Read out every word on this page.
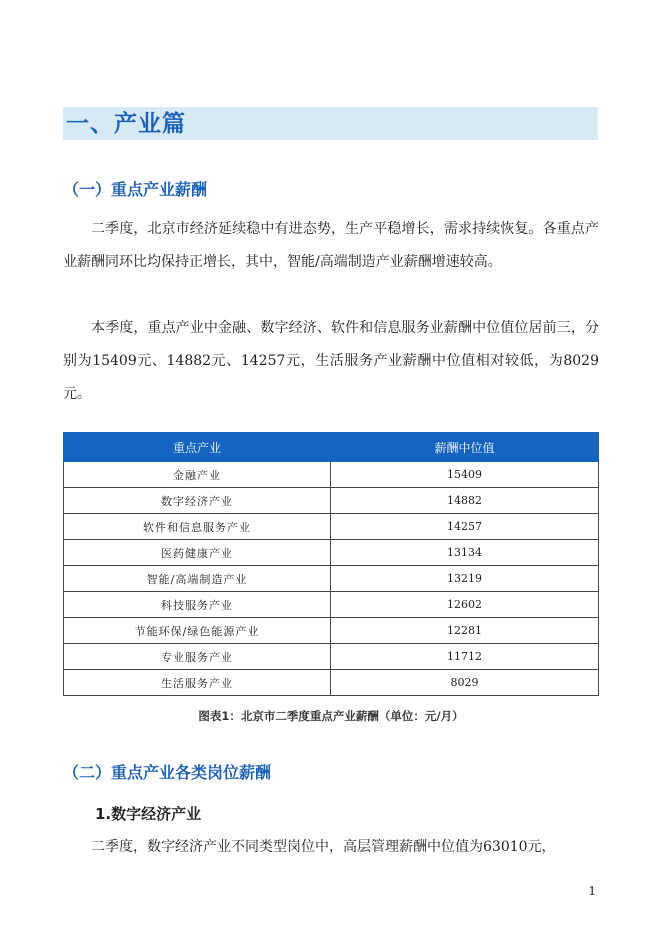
一、产业篇
（一）重点产业薪酬

二季度，北京市经济延续稳中有进态势，生产平稳增长，需求持续恢复。各重点产业薪酬同环比均保持正增长，其中，智能/高端制造产业薪酬增速较高。

本季度，重点产业中金融、数字经济、软件和信息服务业薪酬中位值位居前三，分别为15409元、14882元、14257元，生活服务产业薪酬中位值相对较低，为8029元。

重点产业	薪酬中位值
金融产业	15409
数字经济产业	14882
软件和信息服务产业	14257
医药健康产业	13134
智能/高端制造产业	13219
科技服务产业	12602
节能环保/绿色能源产业	12281
专业服务产业	11712
生活服务产业	8029
图表1：北京市二季度重点产业薪酬（单位：元/月）
（二）重点产业各类岗位薪酬
1.数字经济产业

二季度，数字经济产业不同类型岗位中，高层管理薪酬中位值为63010元，

1
